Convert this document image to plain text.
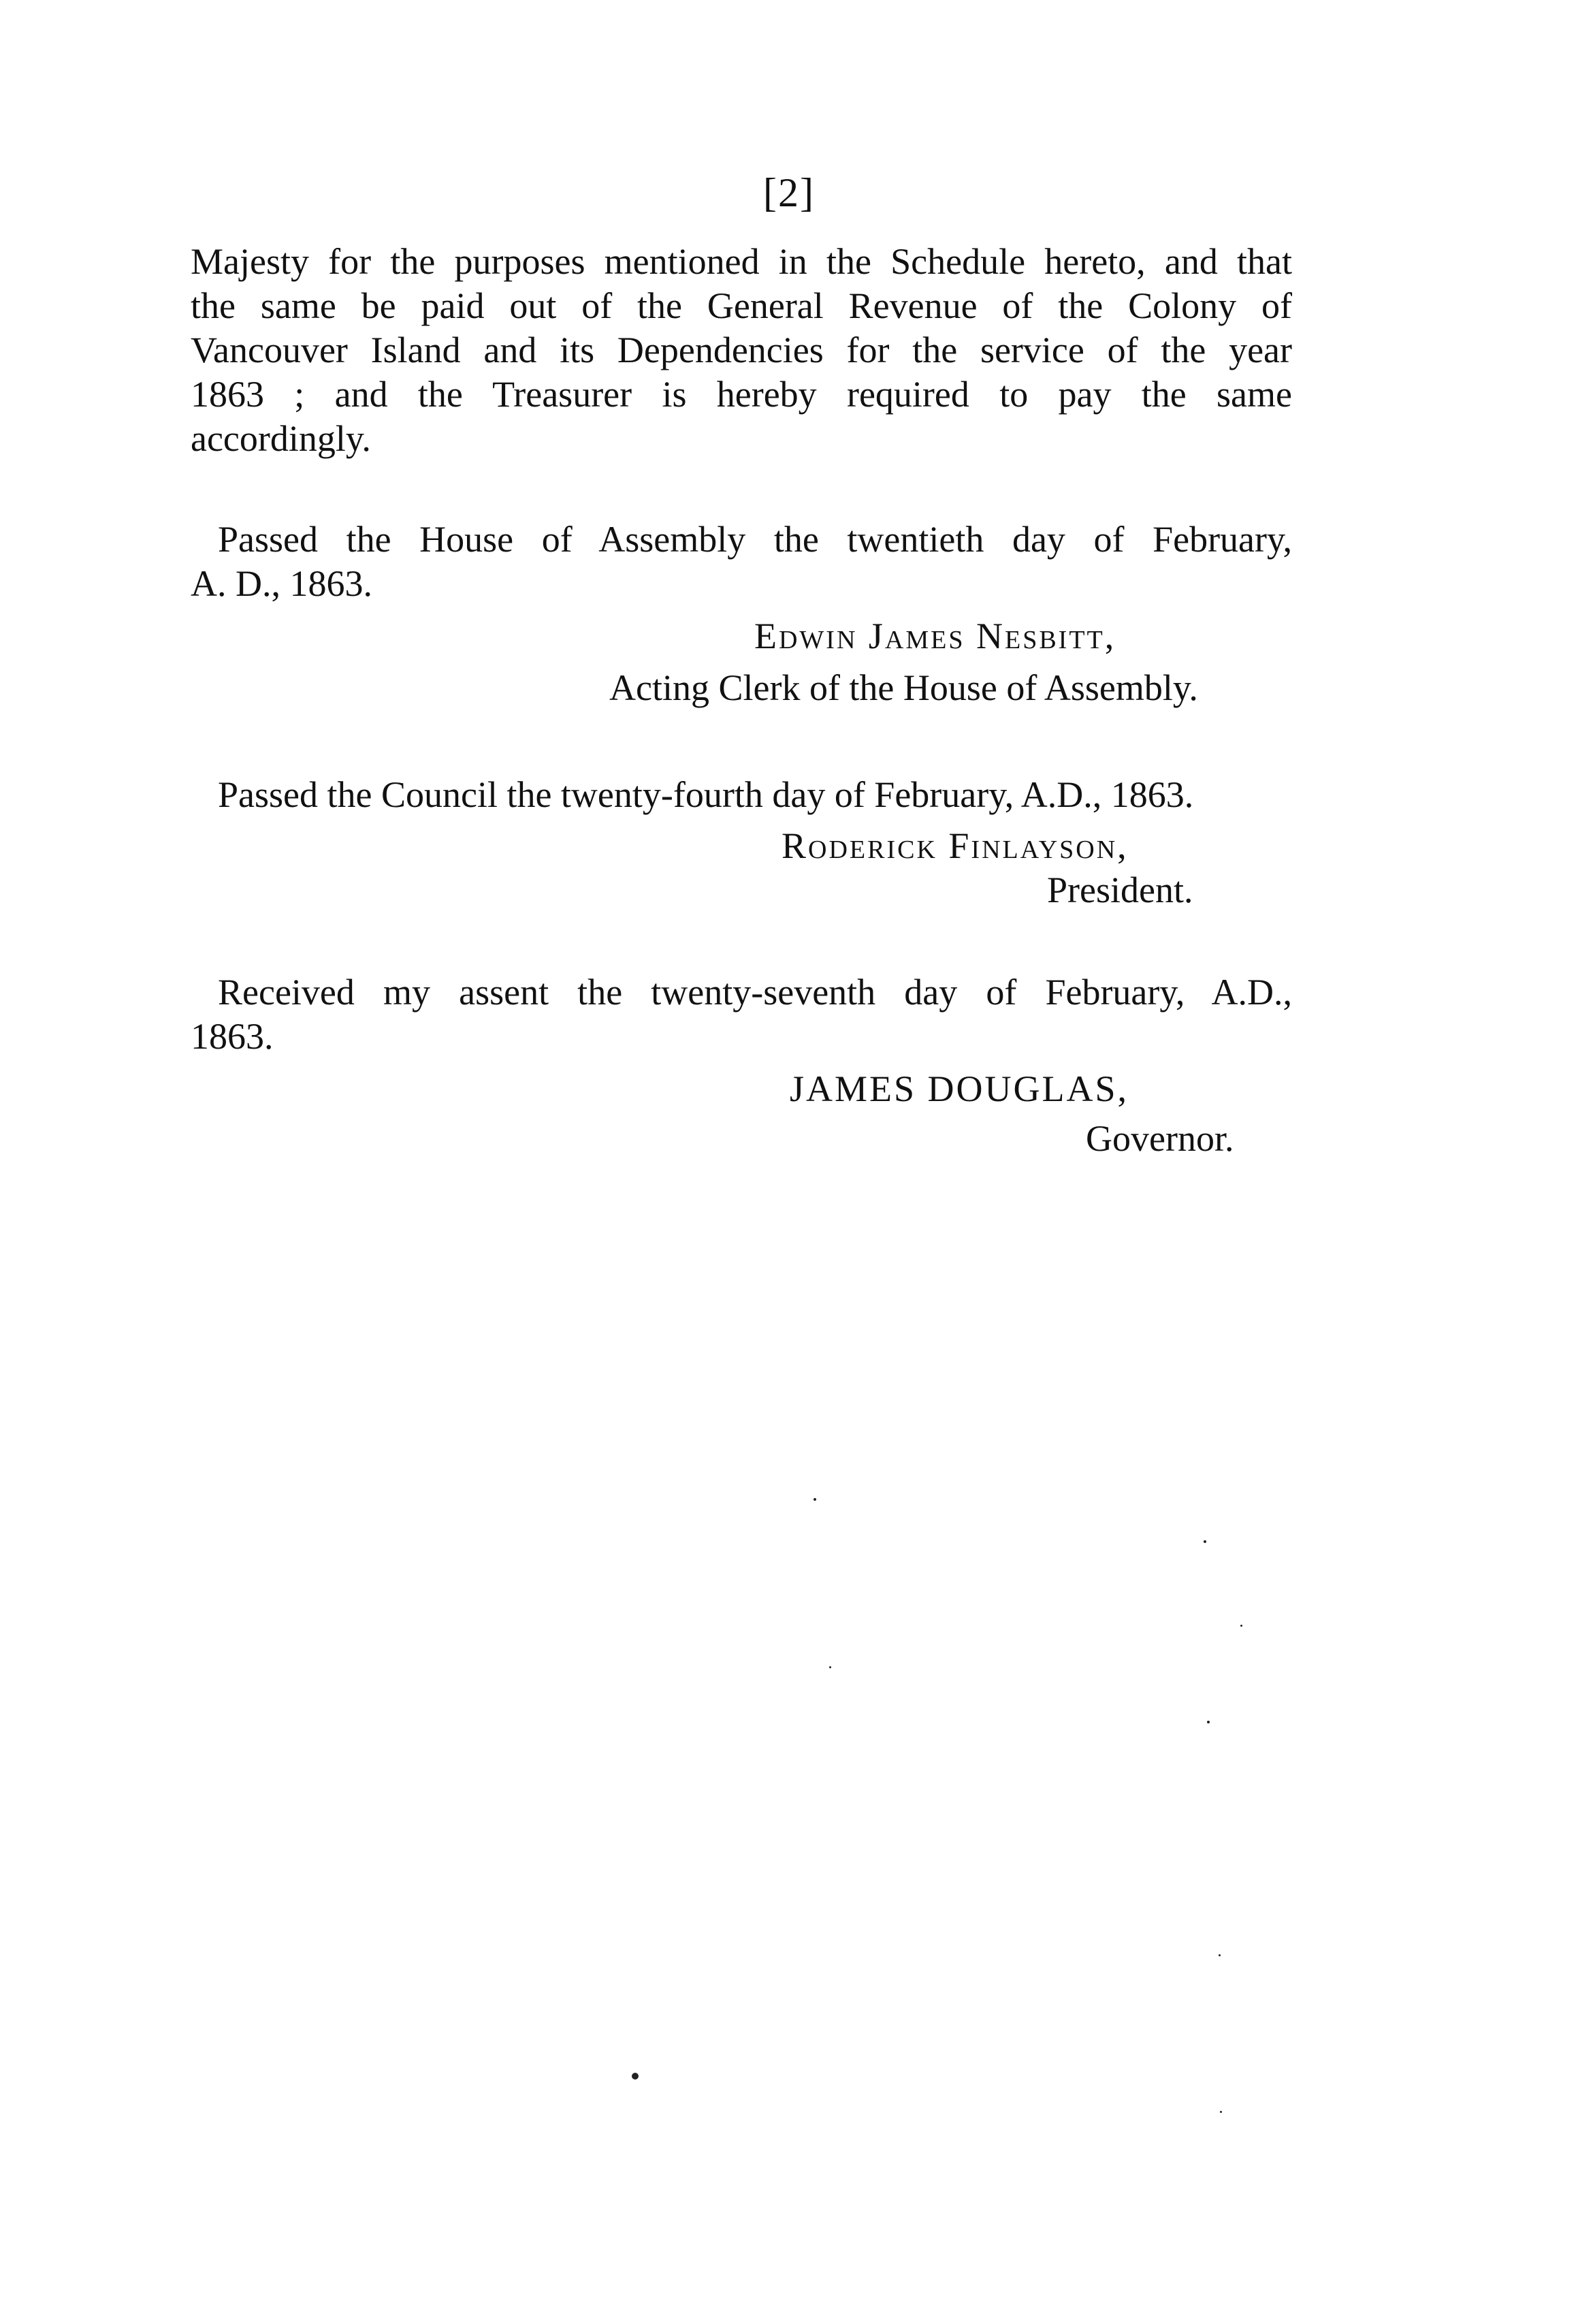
[2]
Majesty for the purposes mentioned in the Schedule hereto, and that
the same be paid out of the General Revenue of the Colony of
Vancouver Island and its Dependencies for the service of the year
1863 ; and the Treasurer is hereby required to pay the same
accordingly.
Passed the House of Assembly the twentieth day of February,
A. D., 1863.
Edwin James Nesbitt,
Acting Clerk of the House of Assembly.
Passed the Council the twenty-fourth day of February, A.D., 1863.
Roderick Finlayson,
President.
Received my assent the twenty-seventh day of February, A.D.,
1863.
JAMES DOUGLAS,
Governor.
